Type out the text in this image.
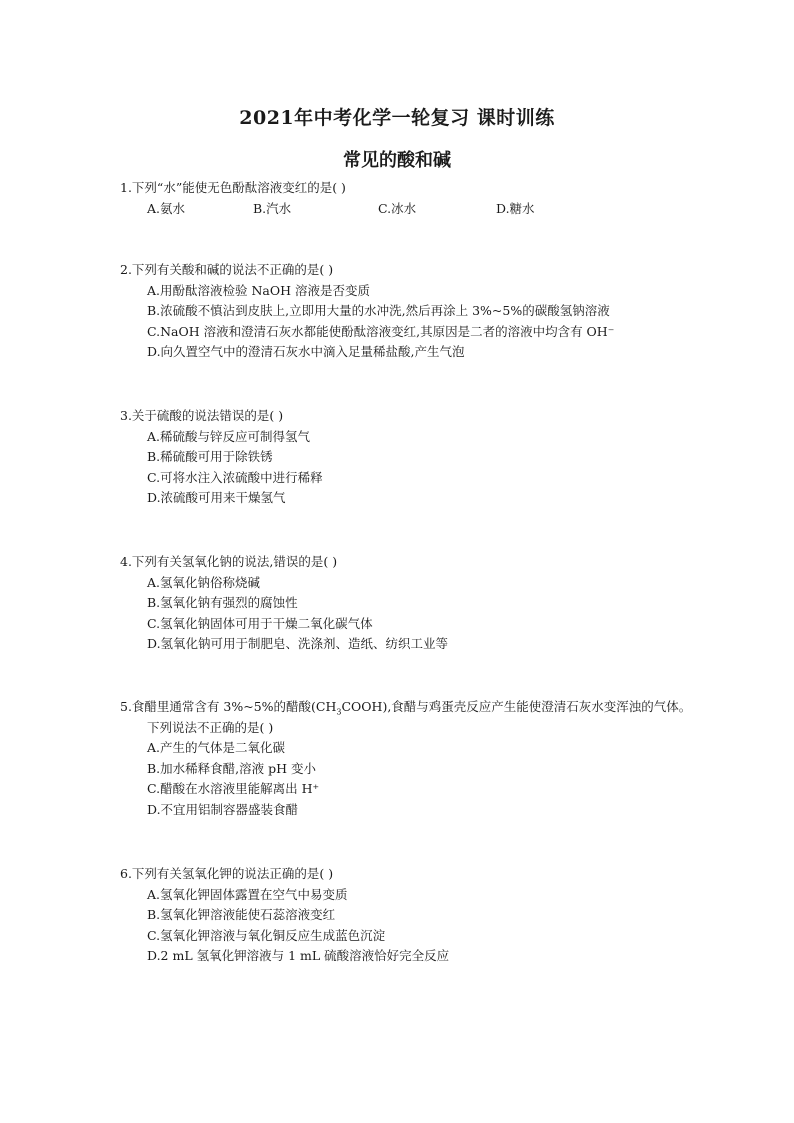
2021年中考化学一轮复习 课时训练
常见的酸和碱
1.下列“水”能使无色酚酞溶液变红的是( )
A.氨水	B.汽水	C.冰水	D.糖水
2.下列有关酸和碱的说法不正确的是( )
A.用酚酞溶液检验 NaOH 溶液是否变质
B.浓硫酸不慎沾到皮肤上,立即用大量的水冲洗,然后再涂上 3%~5%的碳酸氢钠溶液
C.NaOH 溶液和澄清石灰水都能使酚酞溶液变红,其原因是二者的溶液中均含有 OH⁻
D.向久置空气中的澄清石灰水中滴入足量稀盐酸,产生气泡
3.关于硫酸的说法错误的是( )
A.稀硫酸与锌反应可制得氢气
B.稀硫酸可用于除铁锈
C.可将水注入浓硫酸中进行稀释
D.浓硫酸可用来干燥氢气
4.下列有关氢氧化钠的说法,错误的是( )
A.氢氧化钠俗称烧碱
B.氢氧化钠有强烈的腐蚀性
C.氢氧化钠固体可用于干燥二氧化碳气体
D.氢氧化钠可用于制肥皂、洗涤剂、造纸、纺织工业等
5.食醋里通常含有 3%~5%的醋酸$(CH_3COOH)$,食醋与鸡蛋壳反应产生能使澄清石灰水变浑浊的气体。
下列说法不正确的是( )
A.产生的气体是二氧化碳
B.加水稀释食醋,溶液 pH 变小
C.醋酸在水溶液里能解离出 H⁺
D.不宜用铝制容器盛装食醋
6.下列有关氢氧化钾的说法正确的是( )
A.氢氧化钾固体露置在空气中易变质
B.氢氧化钾溶液能使石蕊溶液变红
C.氢氧化钾溶液与氧化铜反应生成蓝色沉淀
D.2 mL 氢氧化钾溶液与 1 mL 硫酸溶液恰好完全反应
